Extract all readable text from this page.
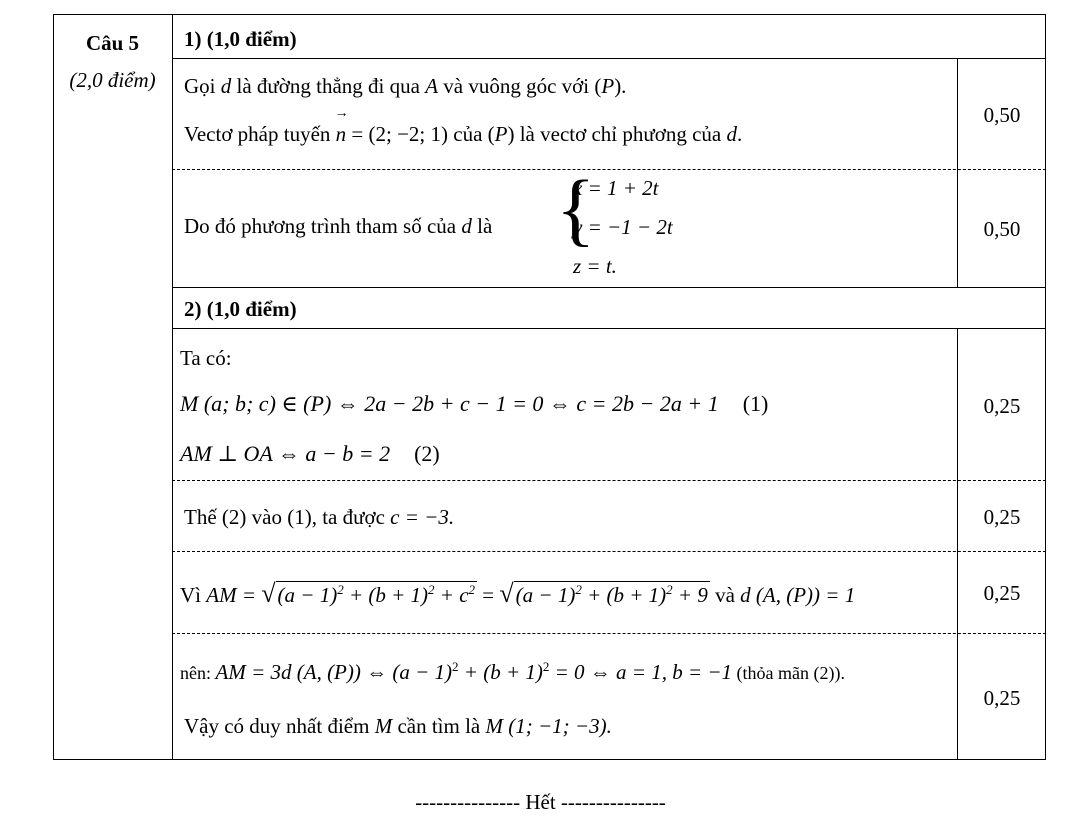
Câu 5
(2,0 điểm)
1) (1,0 điểm)
Gọi d là đường thẳng đi qua A và vuông góc với (P).
Vectơ pháp tuyến → n = (2; −2; 1) của (P) là vectơ chỉ phương của d.
0,50
Do đó phương trình tham số của d là {
x = 1 + 2t
y = −1 − 2t
z = t.
0,50
2) (1,0 điểm)
Ta có:
M (a; b; c) ∈ (P) ⇔ 2a − 2b + c − 1 = 0 ⇔ c = 2b − 2a + 1 (1)
AM ⊥ OA ⇔ a − b = 2 (2)
0,25
Thế (2) vào (1), ta được c = −3.	0,25
Vì AM = $√(a - 1)^2 + (b + 1)^2 + c^2 = √(a - 1)^2 + (b + 1)^2 + 9$ và d (A, (P)) = 1	0,25
nên: AM = 3d (A, (P)) ⇔ $(a - 1)^2 + (b + 1)^2 = 0$ ⇔ a = 1, b = −1 (thỏa mãn (2)).
Vậy có duy nhất điểm M cần tìm là M (1; −1; −3).
0,25
--------------- Hết ---------------
